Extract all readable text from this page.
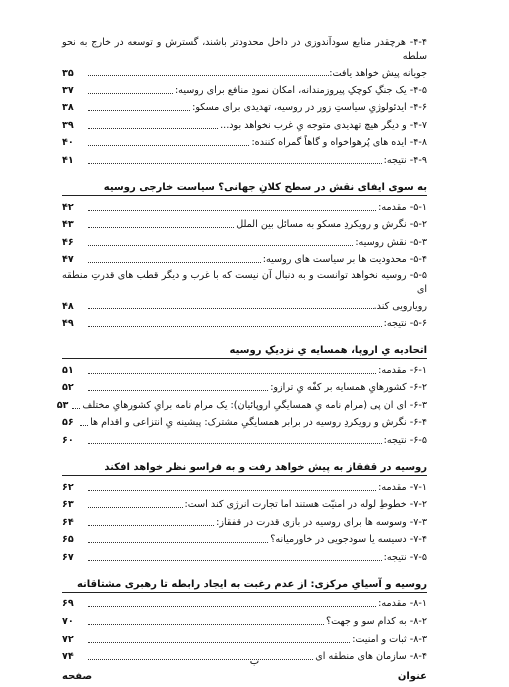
۴-۴- هرچقدر منابع سودآندوزی در داخل محدودتر باشند، گسترش و توسعه در خارج به نحو سلطه
جویانه پیش خواهد یافت:
۳۵
۴-۵- یک جنگِ کوچکِ پیروزمندانه، امکان نمودِ منافع برای روسیه:
۳۷
۴-۶- ایدئولوژیِ سیاستِ زور در روسیه، تهدیدی برای مسکو:
۳۸
۴-۷- و دیگر هیچ تهدیدی متوجه یِ غرب نخواهد بود...
۳۹
۴-۸- ایده های پُرهواخواه و گاهاً گمراه کننده:
۴۰
۴-۹- نتیجه:
۴۱
به سوی ایفای نقش در سطح کلانِ جهانی؟ سیاست خارجی روسیه
۵-۱- مقدمه:
۴۲
۵-۲- نگرش و رویکردِ مسکو به مسائل بین الملل
۴۳
۵-۳- نقش روسیه:
۴۶
۵-۴- محدودیت ها بر سیاست های روسیه:
۴۷
۵-۵- روسیه نخواهد توانست و به دنبال آن نیست که با غرب و دیگر قطب های قدرتِ منطقه ای
رویارویی کند.
۴۸
۵-۶- نتیجه:
۴۹
اتحادیه یِ اروپا، همسایه یِ نزدیکِ روسیه
۶-۱- مقدمه:
۵۱
۶-۲- کشورهایِ همسایه بر کفّه یِ ترازو:
۵۲
۶-۳- ای ان پی (مرام نامه یِ همسایگیِ اروپائیان): یک مرام نامه برایِ کشورهایِ مختلف
۵۳
۶-۴- نگرش و رویکردِ روسیه در برابر همسایگیِ مشترک: پیشینه یِ انتزاعی و اقدام ها
۵۶
۶-۵- نتیجه:
۶۰
روسیه در قفقاز به پیش خواهد رفت و به فراسو نظر خواهد افکند
۷-۱- مقدمه:
۶۲
۷-۲- خطوطِ لوله در امنیّت هستند اما تجارت انرژی کند است:
۶۳
۷-۳- وسوسه ها برای روسیه در بازی قدرت در قفقاز:
۶۴
۷-۴- دسیسه یا سودجویی در خاورمیانه؟
۶۵
۷-۵- نتیجه:
۶۷
روسیه و آسیایِ مرکزی: از عدم رغبت به ایجاد رابطه تا رهبری مشتاقانه
۸-۱- مقدمه:
۶۹
۸-۲- به کدام سو و جهت؟
۷۰
۸-۳- ثبات و امنیت:
۷۲
۸-۴- سازمان های منطقه ای
۷۴
عنوان
صفحه
ب
